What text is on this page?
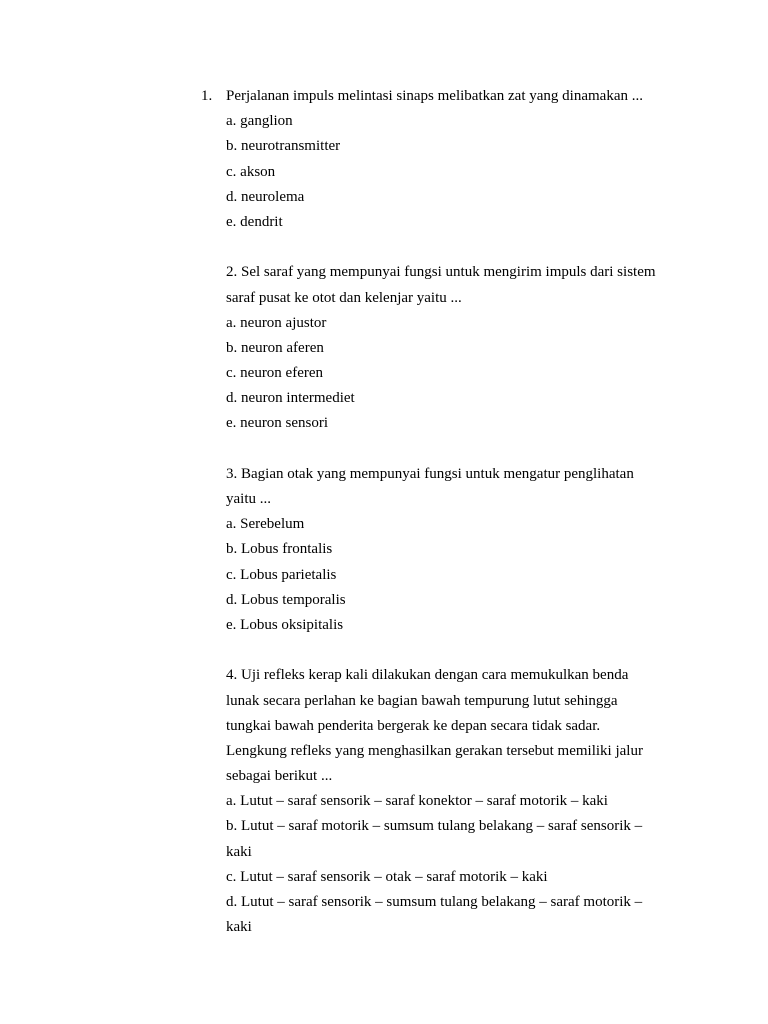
1. Perjalanan impuls melintasi sinaps melibatkan zat yang dinamakan ...
a. ganglion
b. neurotransmitter
c. akson
d. neurolema
e. dendrit
2. Sel saraf yang mempunyai fungsi untuk mengirim impuls dari sistem
saraf pusat ke otot dan kelenjar yaitu ...
a. neuron ajustor
b. neuron aferen
c. neuron eferen
d. neuron intermediet
e. neuron sensori
3. Bagian otak yang mempunyai fungsi untuk mengatur penglihatan
yaitu ...
a. Serebelum
b. Lobus frontalis
c. Lobus parietalis
d. Lobus temporalis
e. Lobus oksipitalis
4. Uji refleks kerap kali dilakukan dengan cara memukulkan benda
lunak secara perlahan ke bagian bawah tempurung lutut sehingga
tungkai bawah penderita bergerak ke depan secara tidak sadar.
Lengkung refleks yang menghasilkan gerakan tersebut memiliki jalur
sebagai berikut ...
a. Lutut – saraf sensorik – saraf konektor – saraf motorik – kaki
b. Lutut – saraf motorik – sumsum tulang belakang – saraf sensorik –
kaki
c. Lutut – saraf sensorik – otak – saraf motorik – kaki
d. Lutut – saraf sensorik – sumsum tulang belakang – saraf motorik –
kaki
